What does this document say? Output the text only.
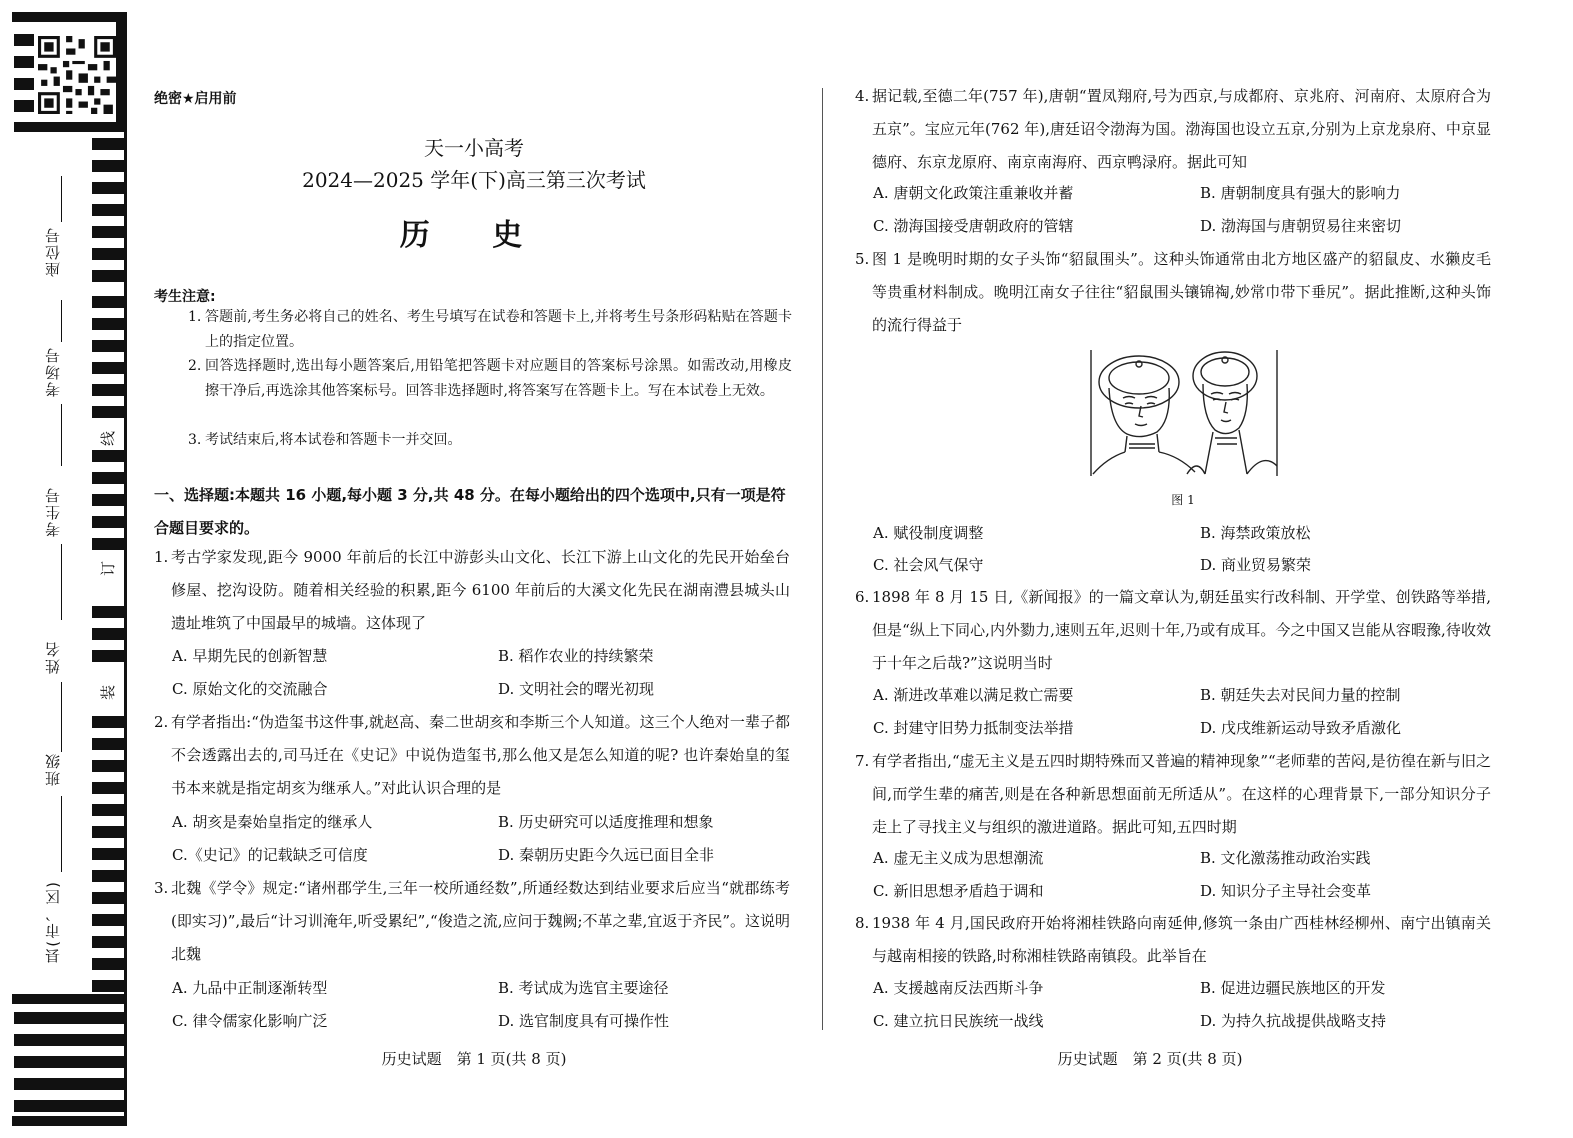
座位号
考场号
考生号
姓名
班级
县(市、区)
线
订
装
绝密★启用前
天一小高考
2024—2025 学年(下)高三第三次考试
历 史
考生注意:
1. 答题前,考生务必将自己的姓名、考生号填写在试卷和答题卡上,并将考生号条形码粘贴在答题卡上的指定位置。
2. 回答选择题时,选出每小题答案后,用铅笔把答题卡对应题目的答案标号涂黑。如需改动,用橡皮擦干净后,再选涂其他答案标号。回答非选择题时,将答案写在答题卡上。写在本试卷上无效。
3. 考试结束后,将本试卷和答题卡一并交回。
一、选择题:本题共 16 小题,每小题 3 分,共 48 分。在每小题给出的四个选项中,只有一项是符合题目要求的。
1. 考古学家发现,距今 9000 年前后的长江中游彭头山文化、长江下游上山文化的先民开始垒台修屋、挖沟设防。随着相关经验的积累,距今 6100 年前后的大溪文化先民在湖南澧县城头山遗址堆筑了中国最早的城墙。这体现了
A. 早期先民的创新智慧	B. 稻作农业的持续繁荣
C. 原始文化的交流融合	D. 文明社会的曙光初现
2. 有学者指出:“伪造玺书这件事,就赵高、秦二世胡亥和李斯三个人知道。这三个人绝对一辈子都不会透露出去的,司马迁在《史记》中说伪造玺书,那么他又是怎么知道的呢? 也许秦始皇的玺书本来就是指定胡亥为继承人。”对此认识合理的是
A. 胡亥是秦始皇指定的继承人	B. 历史研究可以适度推理和想象
C.《史记》的记载缺乏可信度	D. 秦朝历史距今久远已面目全非
3. 北魏《学令》规定:“诸州郡学生,三年一校所通经数”,所通经数达到结业要求后应当“就郡练考(即实习)”,最后“计习训淹年,听受累纪”,“俊造之流,应问于魏阙;不革之辈,宜返于齐民”。这说明北魏
A. 九品中正制逐渐转型	B. 考试成为选官主要途径
C. 律令儒家化影响广泛	D. 选官制度具有可操作性
历史试题　第 1 页(共 8 页)
4. 据记载,至德二年(757 年),唐朝“置凤翔府,号为西京,与成都府、京兆府、河南府、太原府合为五京”。宝应元年(762 年),唐廷诏令渤海为国。渤海国也设立五京,分别为上京龙泉府、中京显德府、东京龙原府、南京南海府、西京鸭渌府。据此可知
A. 唐朝文化政策注重兼收并蓄	B. 唐朝制度具有强大的影响力
C. 渤海国接受唐朝政府的管辖	D. 渤海国与唐朝贸易往来密切
5. 图 1 是晚明时期的女子头饰“貂鼠围头”。这种头饰通常由北方地区盛产的貂鼠皮、水獭皮毛等贵重材料制成。晚明江南女子往往“貂鼠围头镶锦祹,妙常巾带下垂尻”。据此推断,这种头饰的流行得益于
图 1
A. 赋役制度调整	B. 海禁政策放松
C. 社会风气保守	D. 商业贸易繁荣
6. 1898 年 8 月 15 日,《新闻报》的一篇文章认为,朝廷虽实行改科制、开学堂、创铁路等举措,但是“纵上下同心,内外勠力,速则五年,迟则十年,乃或有成耳。今之中国又岂能从容暇豫,待收效于十年之后哉?”这说明当时
A. 渐进改革难以满足救亡需要	B. 朝廷失去对民间力量的控制
C. 封建守旧势力抵制变法举措	D. 戊戌维新运动导致矛盾激化
7. 有学者指出,“虚无主义是五四时期特殊而又普遍的精神现象”“老师辈的苦闷,是彷徨在新与旧之间,而学生辈的痛苦,则是在各种新思想面前无所适从”。在这样的心理背景下,一部分知识分子走上了寻找主义与组织的激进道路。据此可知,五四时期
A. 虚无主义成为思想潮流	B. 文化激荡推动政治实践
C. 新旧思想矛盾趋于调和	D. 知识分子主导社会变革
8. 1938 年 4 月,国民政府开始将湘桂铁路向南延伸,修筑一条由广西桂林经柳州、南宁出镇南关与越南相接的铁路,时称湘桂铁路南镇段。此举旨在
A. 支援越南反法西斯斗争	B. 促进边疆民族地区的开发
C. 建立抗日民族统一战线	D. 为持久抗战提供战略支持
历史试题　第 2 页(共 8 页)
